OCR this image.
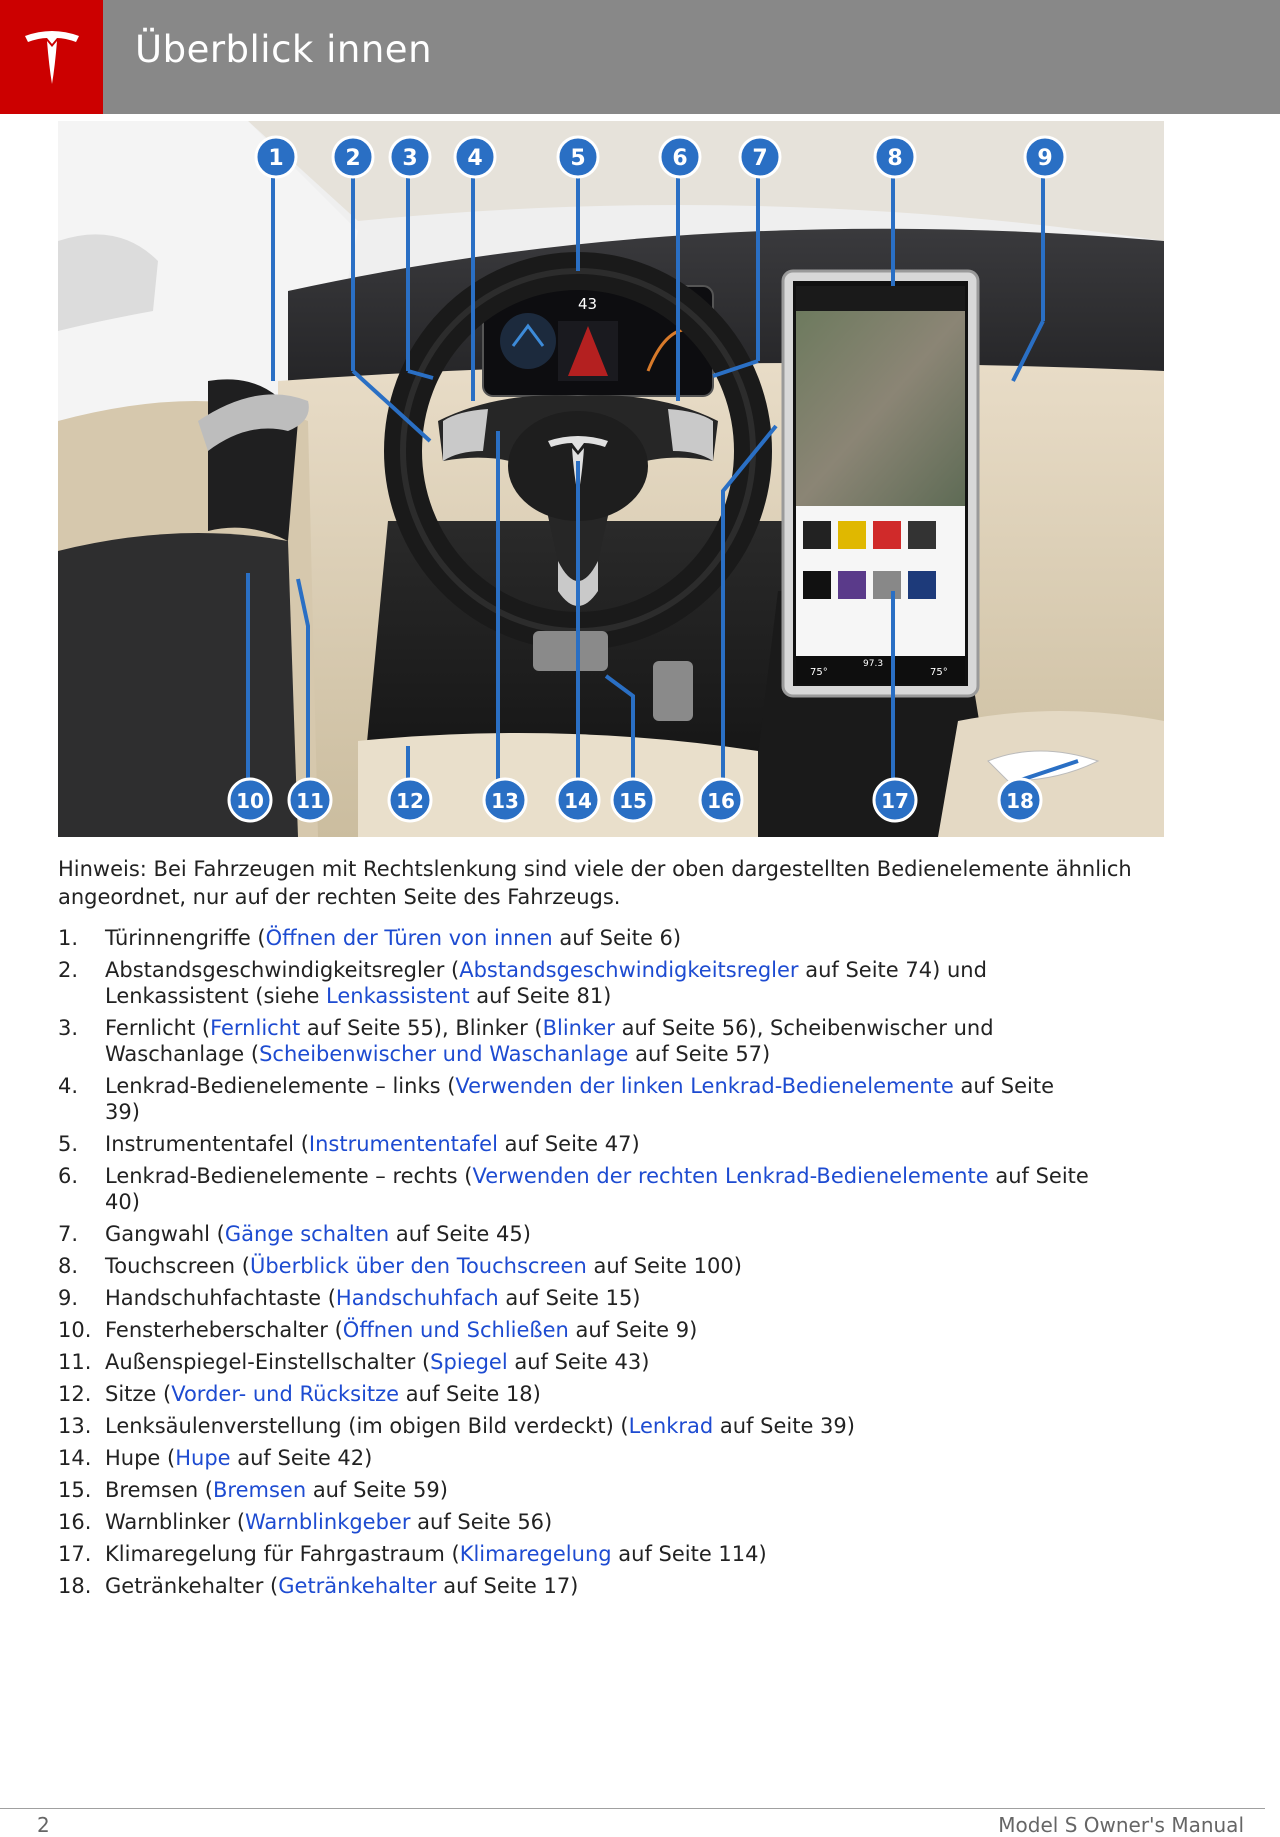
Überblick innen
43
75°
97.3
75°
1	2 3 4	5	6	7	8	9
10 11	12	13 14 15	16	17	18
Hinweis: Bei Fahrzeugen mit Rechtslenkung sind viele der oben dargestellten Bedienelemente ähnlich angeordnet, nur auf der rechten Seite des Fahrzeugs.
1. Türinnengriffe (Öffnen der Türen von innen auf Seite 6)
2. Abstandsgeschwindigkeitsregler (Abstandsgeschwindigkeitsregler auf Seite 74) und
Lenkassistent (siehe Lenkassistent auf Seite 81)
3. Fernlicht (Fernlicht auf Seite 55), Blinker (Blinker auf Seite 56), Scheibenwischer und
Waschanlage (Scheibenwischer und Waschanlage auf Seite 57)
4. Lenkrad-Bedienelemente – links (Verwenden der linken Lenkrad-Bedienelemente auf Seite
39)
5. Instrumententafel (Instrumententafel auf Seite 47)
6. Lenkrad-Bedienelemente – rechts (Verwenden der rechten Lenkrad-Bedienelemente auf Seite
40)
7. Gangwahl (Gänge schalten auf Seite 45)
8. Touchscreen (Überblick über den Touchscreen auf Seite 100)
9. Handschuhfachtaste (Handschuhfach auf Seite 15)
10. Fensterheberschalter (Öffnen und Schließen auf Seite 9)
11. Außenspiegel-Einstellschalter (Spiegel auf Seite 43)
12. Sitze (Vorder- und Rücksitze auf Seite 18)
13. Lenksäulenverstellung (im obigen Bild verdeckt) (Lenkrad auf Seite 39)
14. Hupe (Hupe auf Seite 42)
15. Bremsen (Bremsen auf Seite 59)
16. Warnblinker (Warnblinkgeber auf Seite 56)
17. Klimaregelung für Fahrgastraum (Klimaregelung auf Seite 114)
18. Getränkehalter (Getränkehalter auf Seite 17)
2	Model S Owner's Manual
